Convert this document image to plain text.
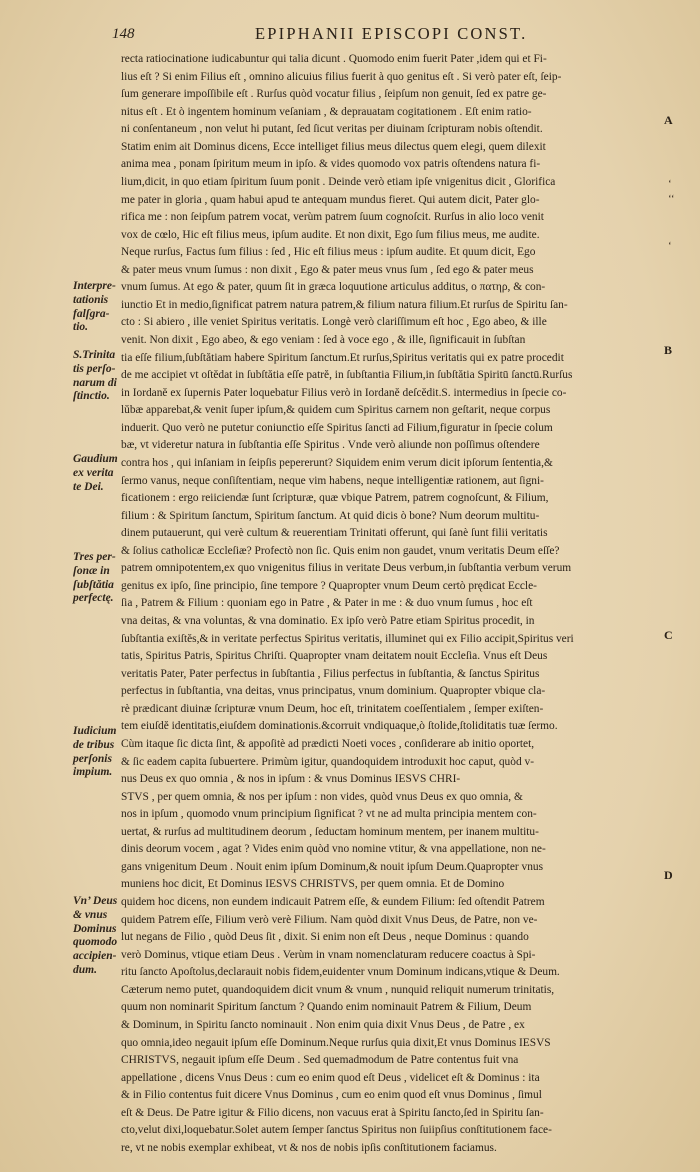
148	EPIPHANII EPISCOPI CONST.
recta ratiocinatione iudicabuntur qui talia dicunt . Quomodo enim fuerit Pater ,idem qui et Fi-
lius eſt ? Si enim Filius eſt , omnino alicuius filius fuerit à quo genitus eſt . Si verò pater eſt, ſeip-
ſum generare impoſſibile eſt . Rurſus quòd vocatur filius , ſeipſum non genuit, ſed ex patre ge-
nitus eſt . Et ò ingentem hominum veſaniam , & deprauatam cogitationem . Eſt enim ratio-
ni conſentaneum , non velut hi putant, ſed ſicut veritas per diuinam ſcripturam nobis oſtendit.
Statim enim ait Dominus dicens, Ecce intelliget filius meus dilectus quem elegi, quem dilexit
anima mea , ponam ſpiritum meum in ipſo. & vides quomodo vox patris oſtendens natura fi-
lium,dicit, in quo etiam ſpiritum ſuum ponit . Deinde verò etiam ipſe vnigenitus dicit , Glorifica
me pater in gloria , quam habui apud te antequam mundus fieret. Qui autem dicit, Pater glo-
rifica me : non ſeipſum patrem vocat, verùm patrem ſuum cognoſcit. Rurſus in alio loco venit
vox de cœlo, Hic eſt filius meus, ipſum audite. Et non dixit, Ego ſum filius meus, me audite.
Neque rurſus, Factus ſum filius : ſed , Hic eſt filius meus : ipſum audite. Et quum dicit, Ego
& pater meus vnum ſumus : non dixit , Ego & pater meus vnus ſum , ſed ego & pater meus
vnum ſumus. At ego & pater, quum ſit in græca loquutione articulus additus, ο πατηρ, & con-
iunctio Et in medio,ſignificat patrem natura patrem,& filium natura filium.Et rurſus de Spiritu ſan-
cto : Si abiero , ille veniet Spiritus veritatis. Longè verò clariſſimum eſt hoc , Ego abeo, & ille
venit. Non dixit , Ego abeo, & ego veniam : ſed à voce ego , & ille, ſignificauit in ſubſtan
tia eſſe filium,ſubſtătiam habere Spiritum ſanctum.Et rurſus,Spiritus veritatis qui ex patre procedit
de me accipiet vt oſtĕdat in ſubſtătia eſſe patrĕ, in ſubſtantia Filium,in ſubſtătia Spiritū ſanctū.Rurſus
in Iordanĕ ex ſupernis Pater loquebatur Filius verò in Iordanĕ deſcĕdit.S. intermedius in ſpecie co-
lŭbæ apparebat,& venit ſuper ipſum,& quidem cum Spiritus carnem non geſtarit, neque corpus
induerit. Quo verò ne putetur coniunctio eſſe Spiritus ſancti ad Filium,figuratur in ſpecie colum
bæ, vt videretur natura in ſubſtantia eſſe Spiritus . Vnde verò aliunde non poſſimus oſtendere
contra hos , qui inſaniam in ſeipſis pepererunt? Siquidem enim verum dicit ipſorum ſententia,&
ſermo vanus, neque conſiſtentiam, neque vim habens, neque intelligentiæ rationem, aut ſigni-
ficationem : ergo reiiciendæ ſunt ſcripturæ, quæ vbique Patrem, patrem cognoſcunt, & Filium,
filium : & Spiritum ſanctum, Spiritum ſanctum. At quid dicis ò bone? Num deorum multitu-
dinem putauerunt, qui verè cultum & reuerentiam Trinitati offerunt, qui ſanè ſunt filii veritatis
& ſolius catholicæ Eccleſiæ? Profectò non ſic. Quis enim non gaudet, vnum veritatis Deum eſſe?
patrem omnipotentem,ex quo vnigenitus filius in veritate Deus verbum,in ſubſtantia verbum verum
genitus ex ipſo, ſine principio, ſine tempore ? Quapropter vnum Deum certò prędicat Eccle-
ſia , Patrem & Filium : quoniam ego in Patre , & Pater in me : & duo vnum ſumus , hoc eſt
vna deitas, & vna voluntas, & vna dominatio. Ex ipſo verò Patre etiam Spiritus procedit, in
ſubſtantia exiſtĕs,& in veritate perfectus Spiritus veritatis, illuminet qui ex Filio accipit,Spiritus veri
tatis, Spiritus Patris, Spiritus Chriſti. Quapropter vnam deitatem nouit Eccleſia. Vnus eſt Deus
veritatis Pater, Pater perfectus in ſubſtantia , Filius perfectus in ſubſtantia, & ſanctus Spiritus
perfectus in ſubſtantia, vna deitas, vnus principatus, vnum dominium. Quapropter vbique cla-
rè prædicant diuinæ ſcripturæ vnum Deum, hoc eſt, trinitatem coeſſentialem , ſemper exiſten-
tem eiuſdĕ identitatis,eiuſdem dominationis.&corruit vndiquaque,ò ſtolide,ſtoliditatis tuæ ſermo.
Cùm itaque ſic dicta ſint, & appoſitè ad prædicti Noeti voces , conſiderare ab initio oportet,
& ſic eadem capita ſubuertere. Primùm igitur, quandoquidem introduxit hoc caput, quòd v-
nus Deus ex quo omnia , & nos in ipſum : & vnus Dominus IESVS CHRI-
STVS , per quem omnia, & nos per ipſum : non vides, quòd vnus Deus ex quo omnia, &
nos in ipſum , quomodo vnum principium ſignificat ? vt ne ad multa principia mentem con-
uertat, & rurſus ad multitudinem deorum , ſeductam hominum mentem, per inanem multitu-
dinis deorum vocem , agat ? Vides enim quòd vno nomine vtitur, & vna appellatione, non ne-
gans vnigenitum Deum . Nouit enim ipſum Dominum,& nouit ipſum Deum.Quapropter vnus
muniens hoc dicit, Et Dominus IESVS CHRISTVS, per quem omnia. Et de Domino
quidem hoc dicens, non eundem indicauit Patrem eſſe, & eundem Filium: ſed oſtendit Patrem
quidem Patrem eſſe, Filium verò verè Filium. Nam quòd dixit Vnus Deus, de Patre, non ve-
lut negans de Filio , quòd Deus ſit , dixit. Si enim non eſt Deus , neque Dominus : quando
verò Dominus, vtique etiam Deus . Verùm in vnam nomenclaturam reducere coactus à Spi-
ritu ſancto Apoſtolus,declarauit nobis fidem,euidenter vnum Dominum indicans,vtique & Deum.
Cæterum nemo putet, quandoquidem dicit vnum & vnum , nunquid reliquit numerum trinitatis,
quum non nominarit Spiritum ſanctum ? Quando enim nominauit Patrem & Filium, Deum
& Dominum, in Spiritu ſancto nominauit . Non enim quia dixit Vnus Deus , de Patre , ex
quo omnia,ideo negauit ipſum eſſe Dominum.Neque rurſus quia dixit,Et vnus Dominus IESVS
CHRISTVS, negauit ipſum eſſe Deum . Sed quemadmodum de Patre contentus fuit vna
appellatione , dicens Vnus Deus : cum eo enim quod eſt Deus , videlicet eſt & Dominus : ita
& in Filio contentus fuit dicere Vnus Dominus , cum eo enim quod eſt vnus Dominus , ſimul
eſt & Deus. De Patre igitur & Filio dicens, non vacuus erat à Spiritu ſancto,ſed in Spiritu ſan-
cto,velut dixi,loquebatur.Solet autem ſemper ſanctus Spiritus non ſuiipſius conſtitutionem face-
re, vt ne nobis exemplar exhibeat, vt & nos de nobis ipſis conſtitutionem faciamus.
Interpre-
tationis
falſgra-
tio.
S.Trinita
tis perſo-
narum di
ſtinctio.
Gaudium
ex verita
te Dei.
Tres per-
ſonæ in
ſubſtătia
perfectę.
Iudicium
de tribus
perſonis
impium.
Vn’ Deus
& vnus
Dominus
quomodo
accipien-
dum.
A
B
C
D
‘
‘‘
‘
